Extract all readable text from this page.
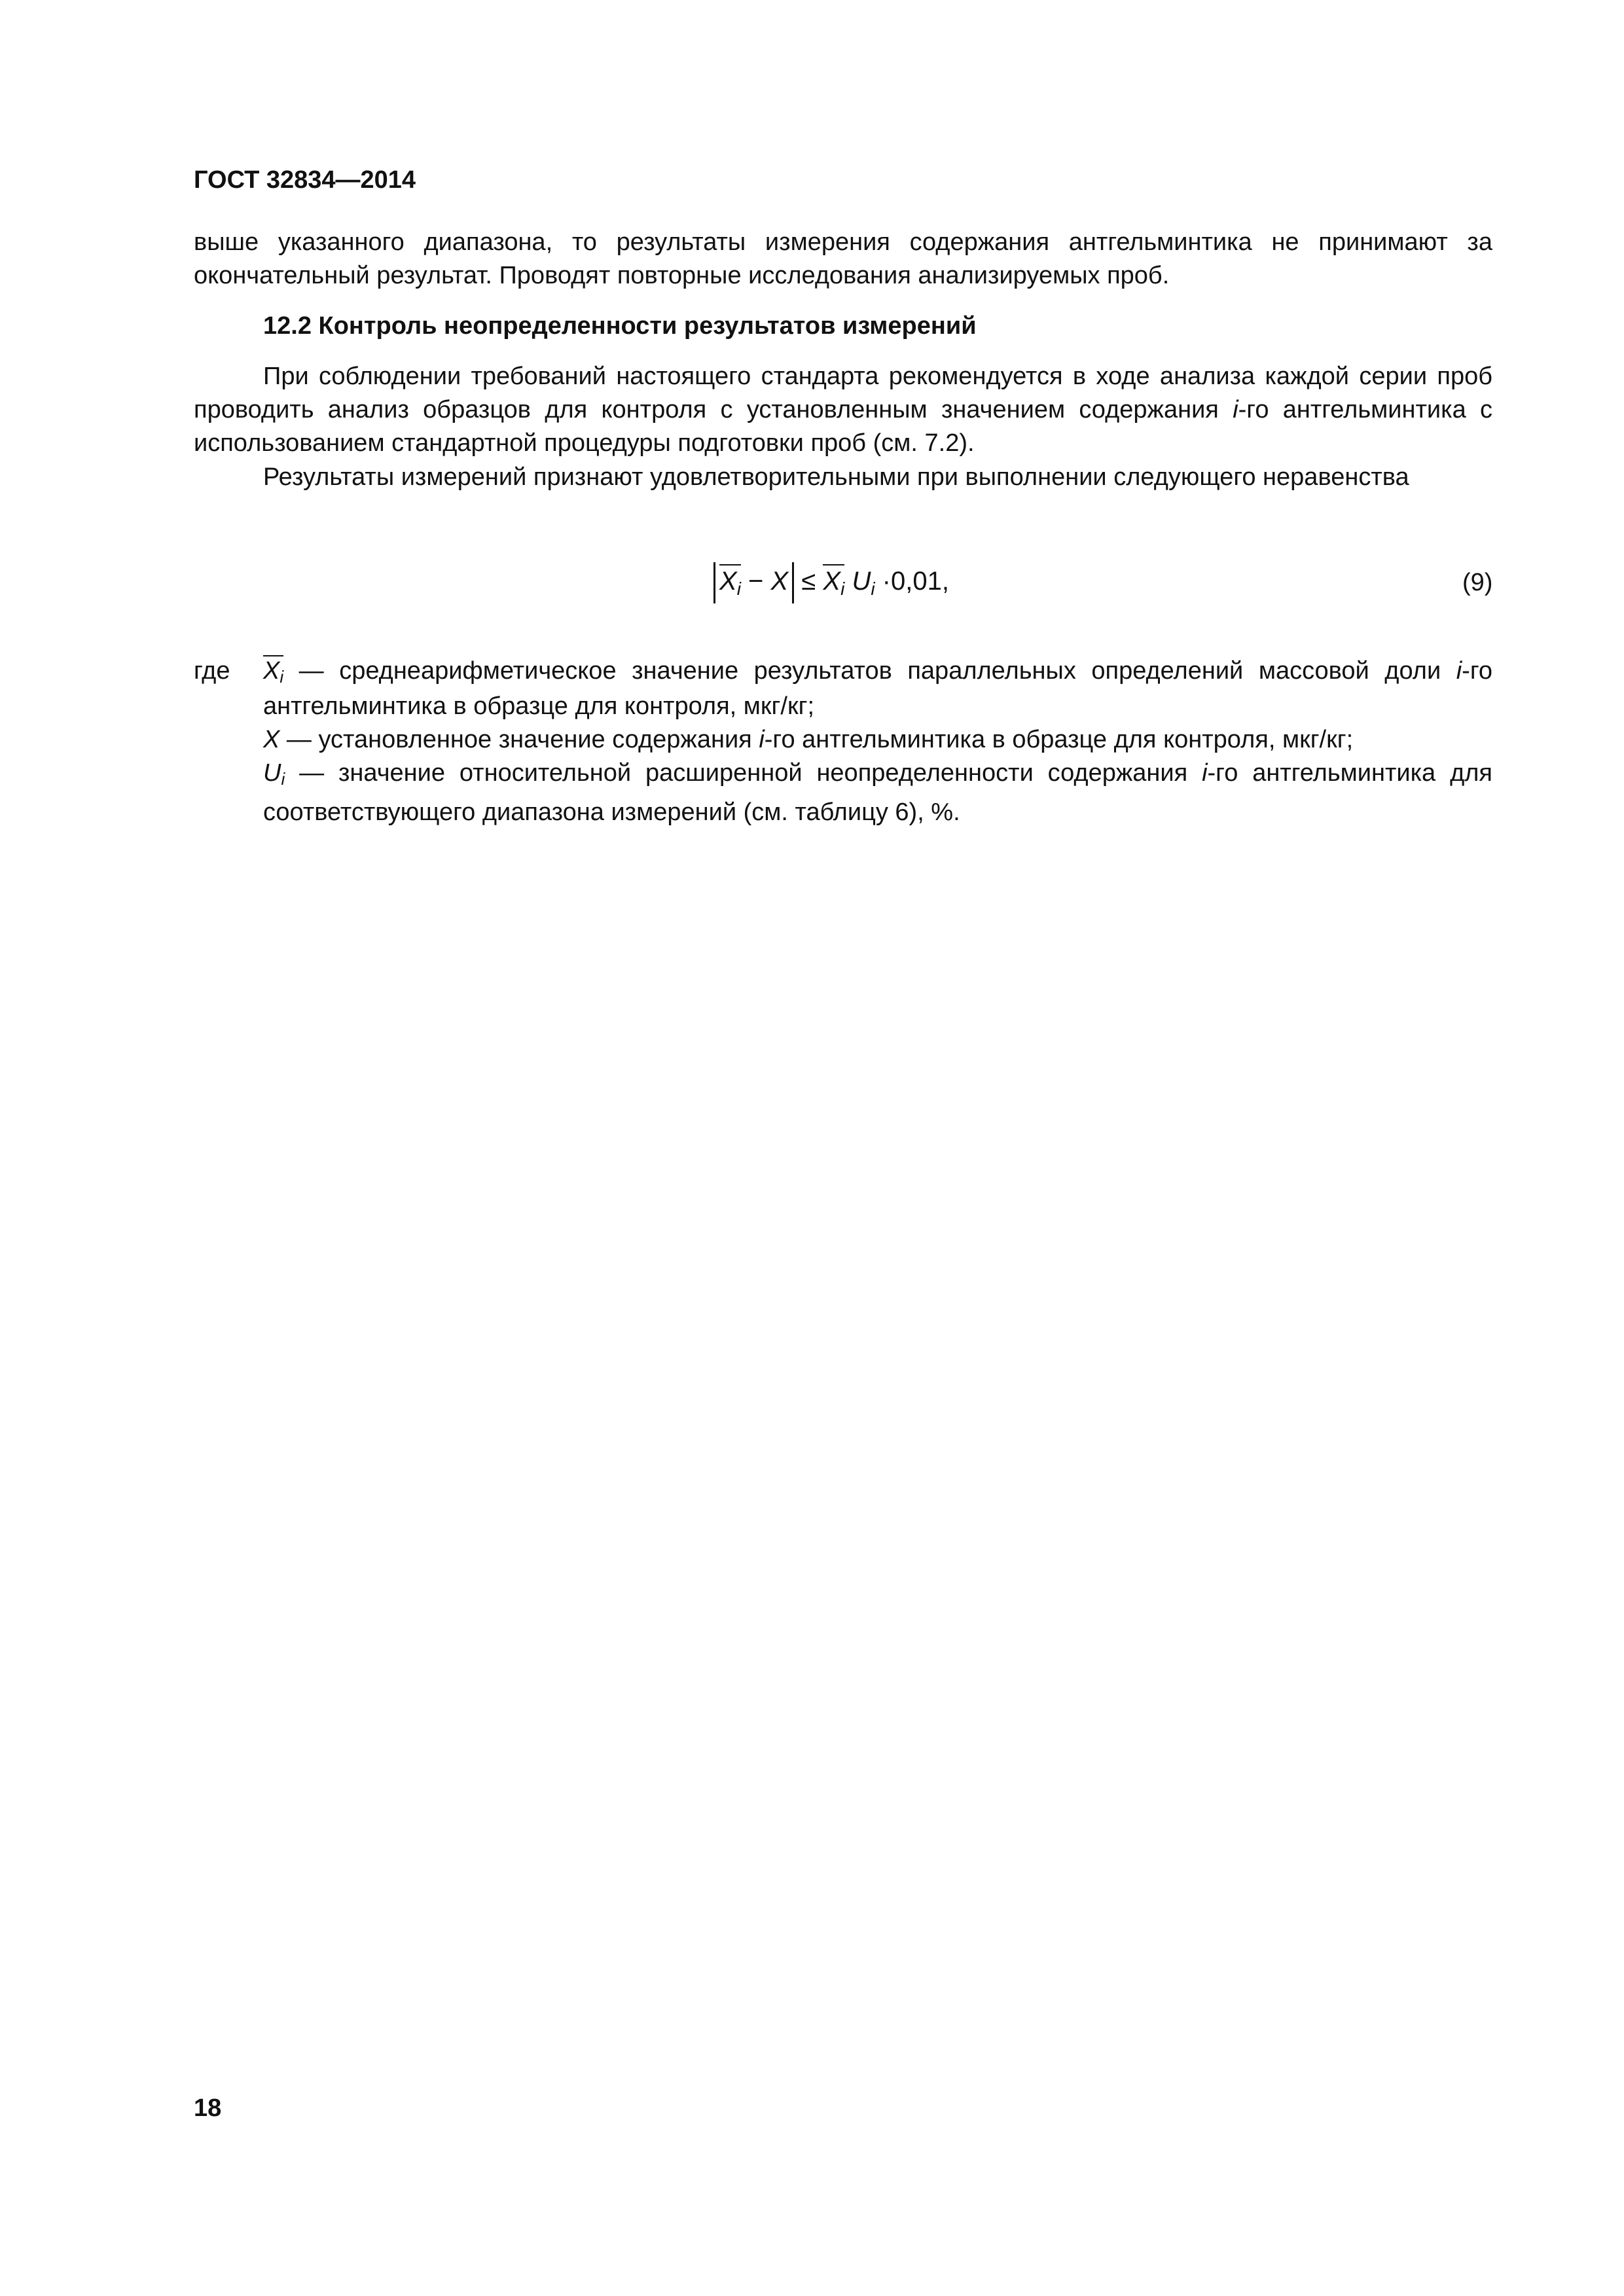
ГОСТ 32834—2014
выше указанного диапазона, то результаты измерения содержания антгельминтика не принимают за окончательный результат. Проводят повторные исследования анализируемых проб.
12.2 Контроль неопределенности результатов измерений
При соблюдении требований настоящего стандарта рекомендуется в ходе анализа каждой серии проб проводить анализ образцов для контроля с установленным значением содержания i-го антгельминтика с использованием стандартной процедуры подготовки проб (см. 7.2).
Результаты измерений признают удовлетворительными при выполнении следующего неравенства
$X_i - X \le X_i$ $U_i \cdot 0,01$,	(9)
где	$X_i$ — среднеарифметическое значение результатов параллельных определений массовой доли i-го антгельминтика в образце для контроля, мкг/кг;
X — установленное значение содержания i-го антгельминтика в образце для контроля, мкг/кг;
$U_i$ — значение относительной расширенной неопределенности содержания i-го антгельминтика для соответствующего диапазона измерений (см. таблицу 6), %.
18
